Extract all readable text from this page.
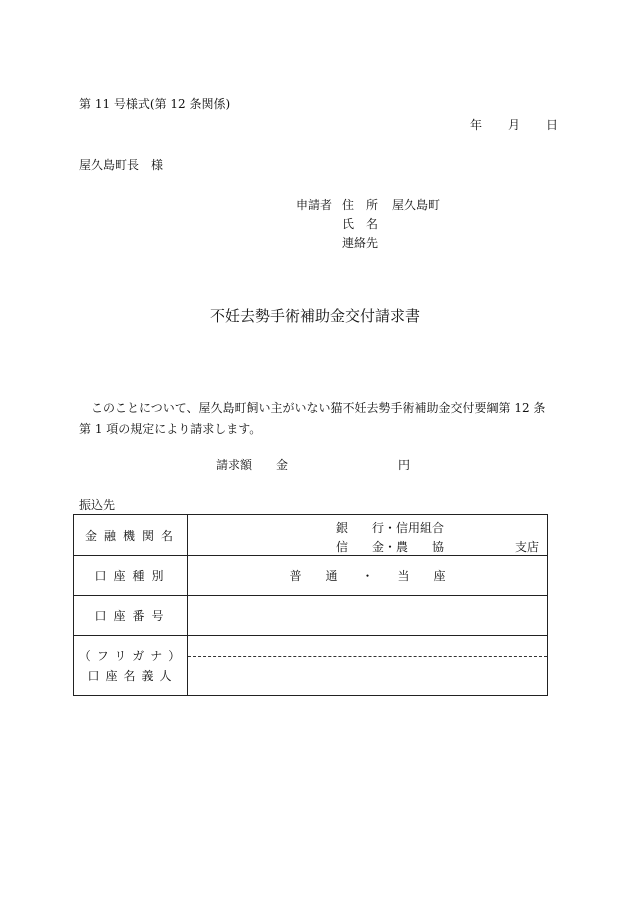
第 11 号様式(第 12 条関係)
年 月 日
屋久島町長　様
申請者 住　所 屋久島町
氏　名
連絡先
不妊去勢手術補助金交付請求書
このことについて、屋久島町飼い主がいない猫不妊去勢手術補助金交付要綱第 12 条第 1 項の規定により請求します。
請求額 金	円
振込先
金融機関名	銀　　行・信用組合
信　　金・農　　協 支店

口座種別	普　　通　　・　　当　　座
口座番号	

（フリガナ）
口座名義人	
